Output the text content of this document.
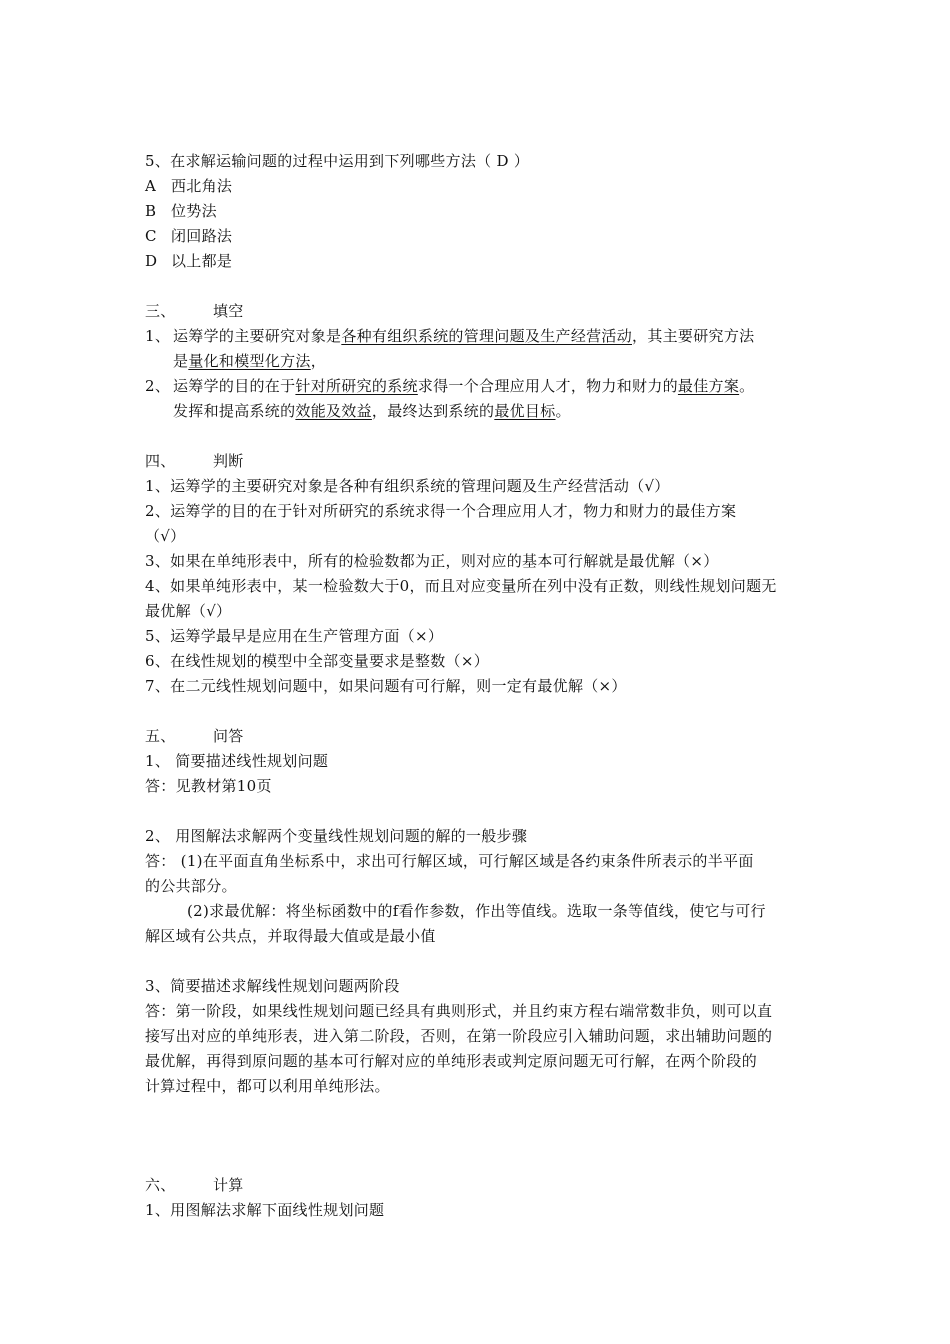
5、在求解运输问题的过程中运用到下列哪些方法（ D ）
A 西北角法
B 位势法
C 闭回路法
D 以上都是
三、 填空
1、 运筹学的主要研究对象是各种有组织系统的管理问题及生产经营活动，其主要研究方法
是量化和模型化方法，
2、 运筹学的目的在于针对所研究的系统求得一个合理应用人才，物力和财力的最佳方案。
发挥和提高系统的效能及效益，最终达到系统的最优目标。
四、 判断
1、运筹学的主要研究对象是各种有组织系统的管理问题及生产经营活动（√）
2、运筹学的目的在于针对所研究的系统求得一个合理应用人才，物力和财力的最佳方案
（√）
3、如果在单纯形表中，所有的检验数都为正，则对应的基本可行解就是最优解（×）
4、如果单纯形表中，某一检验数大于0，而且对应变量所在列中没有正数，则线性规划问题无
最优解（√）
5、运筹学最早是应用在生产管理方面（×）
6、在线性规划的模型中全部变量要求是整数（×）
7、在二元线性规划问题中，如果问题有可行解，则一定有最优解（×）
五、 问答
1、 简要描述线性规划问题
答：见教材第10页
2、 用图解法求解两个变量线性规划问题的解的一般步骤
答： (1)在平面直角坐标系中，求出可行解区域，可行解区域是各约束条件所表示的半平面
的公共部分。
(2)求最优解：将坐标函数中的f看作参数，作出等值线。选取一条等值线，使它与可行
解区域有公共点，并取得最大值或是最小值
3、简要描述求解线性规划问题两阶段
答：第一阶段，如果线性规划问题已经具有典则形式，并且约束方程右端常数非负，则可以直
接写出对应的单纯形表，进入第二阶段，否则，在第一阶段应引入辅助问题，求出辅助问题的
最优解，再得到原问题的基本可行解对应的单纯形表或判定原问题无可行解，在两个阶段的
计算过程中，都可以利用单纯形法。
六、 计算
1、用图解法求解下面线性规划问题
